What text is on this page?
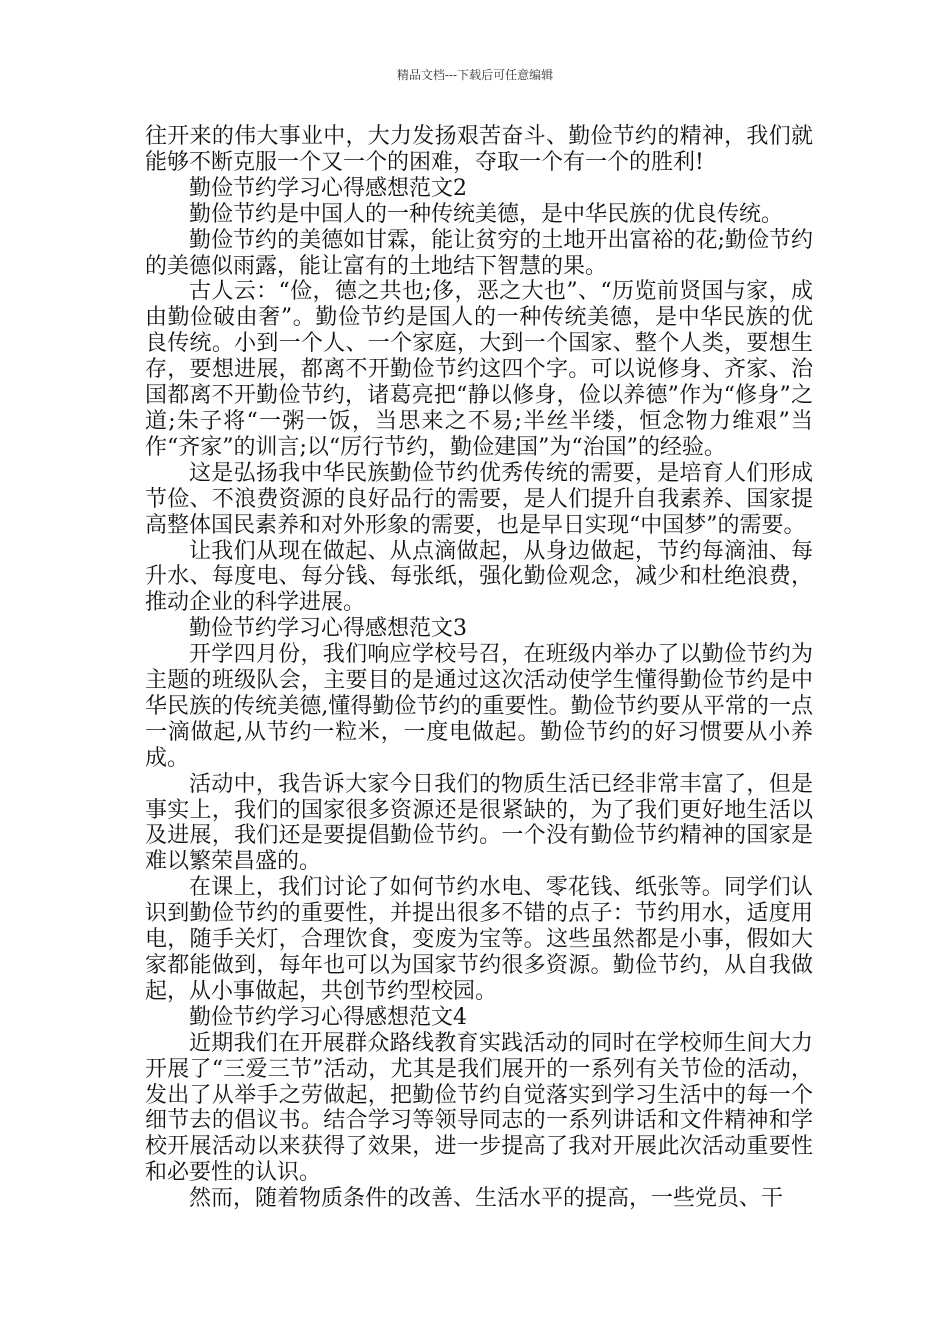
精品文档---下载后可任意编辑

往开来的伟大事业中，大力发扬艰苦奋斗、勤俭节约的精神，我们就能够不断克服一个又一个的困难，夺取一个有一个的胜利!

勤俭节约学习心得感想范文2

勤俭节约是中国人的一种传统美德，是中华民族的优良传统。

勤俭节约的美德如甘霖，能让贫穷的土地开出富裕的花;勤俭节约的美德似雨露，能让富有的土地结下智慧的果。

古人云：“俭，德之共也;侈，恶之大也”、“历览前贤国与家，成由勤俭破由奢”。勤俭节约是国人的一种传统美德，是中华民族的优良传统。小到一个人、一个家庭，大到一个国家、整个人类，要想生存，要想进展，都离不开勤俭节约这四个字。可以说修身、齐家、治国都离不开勤俭节约，诸葛亮把“静以修身，俭以养德”作为“修身”之道;朱子将“一粥一饭，当思来之不易;半丝半缕，恒念物力维艰”当作“齐家”的训言;以“厉行节约，勤俭建国”为“治国”的经验。

这是弘扬我中华民族勤俭节约优秀传统的需要，是培育人们形成节俭、不浪费资源的良好品行的需要，是人们提升自我素养、国家提高整体国民素养和对外形象的需要，也是早日实现“中国梦”的需要。

让我们从现在做起、从点滴做起，从身边做起，节约每滴油、每升水、每度电、每分钱、每张纸，强化勤俭观念，减少和杜绝浪费，推动企业的科学进展。

勤俭节约学习心得感想范文3

开学四月份，我们响应学校号召，在班级内举办了以勤俭节约为主题的班级队会，主要目的是通过这次活动使学生懂得勤俭节约是中华民族的传统美德,懂得勤俭节约的重要性。勤俭节约要从平常的一点一滴做起,从节约一粒米，一度电做起。勤俭节约的好习惯要从小养成。

活动中，我告诉大家今日我们的物质生活已经非常丰富了，但是事实上，我们的国家很多资源还是很紧缺的，为了我们更好地生活以及进展，我们还是要提倡勤俭节约。一个没有勤俭节约精神的国家是难以繁荣昌盛的。

在课上，我们讨论了如何节约水电、零花钱、纸张等。同学们认识到勤俭节约的重要性，并提出很多不错的点子：节约用水，适度用电，随手关灯，合理饮食，变废为宝等。这些虽然都是小事，假如大家都能做到，每年也可以为国家节约很多资源。勤俭节约，从自我做起，从小事做起，共创节约型校园。

勤俭节约学习心得感想范文4

近期我们在开展群众路线教育实践活动的同时在学校师生间大力开展了“三爱三节”活动，尤其是我们展开的一系列有关节俭的活动，发出了从举手之劳做起，把勤俭节约自觉落实到学习生活中的每一个细节去的倡议书。结合学习等领导同志的一系列讲话和文件精神和学校开展活动以来获得了效果，进一步提高了我对开展此次活动重要性和必要性的认识。

然而，随着物质条件的改善、生活水平的提高，一些党员、干
